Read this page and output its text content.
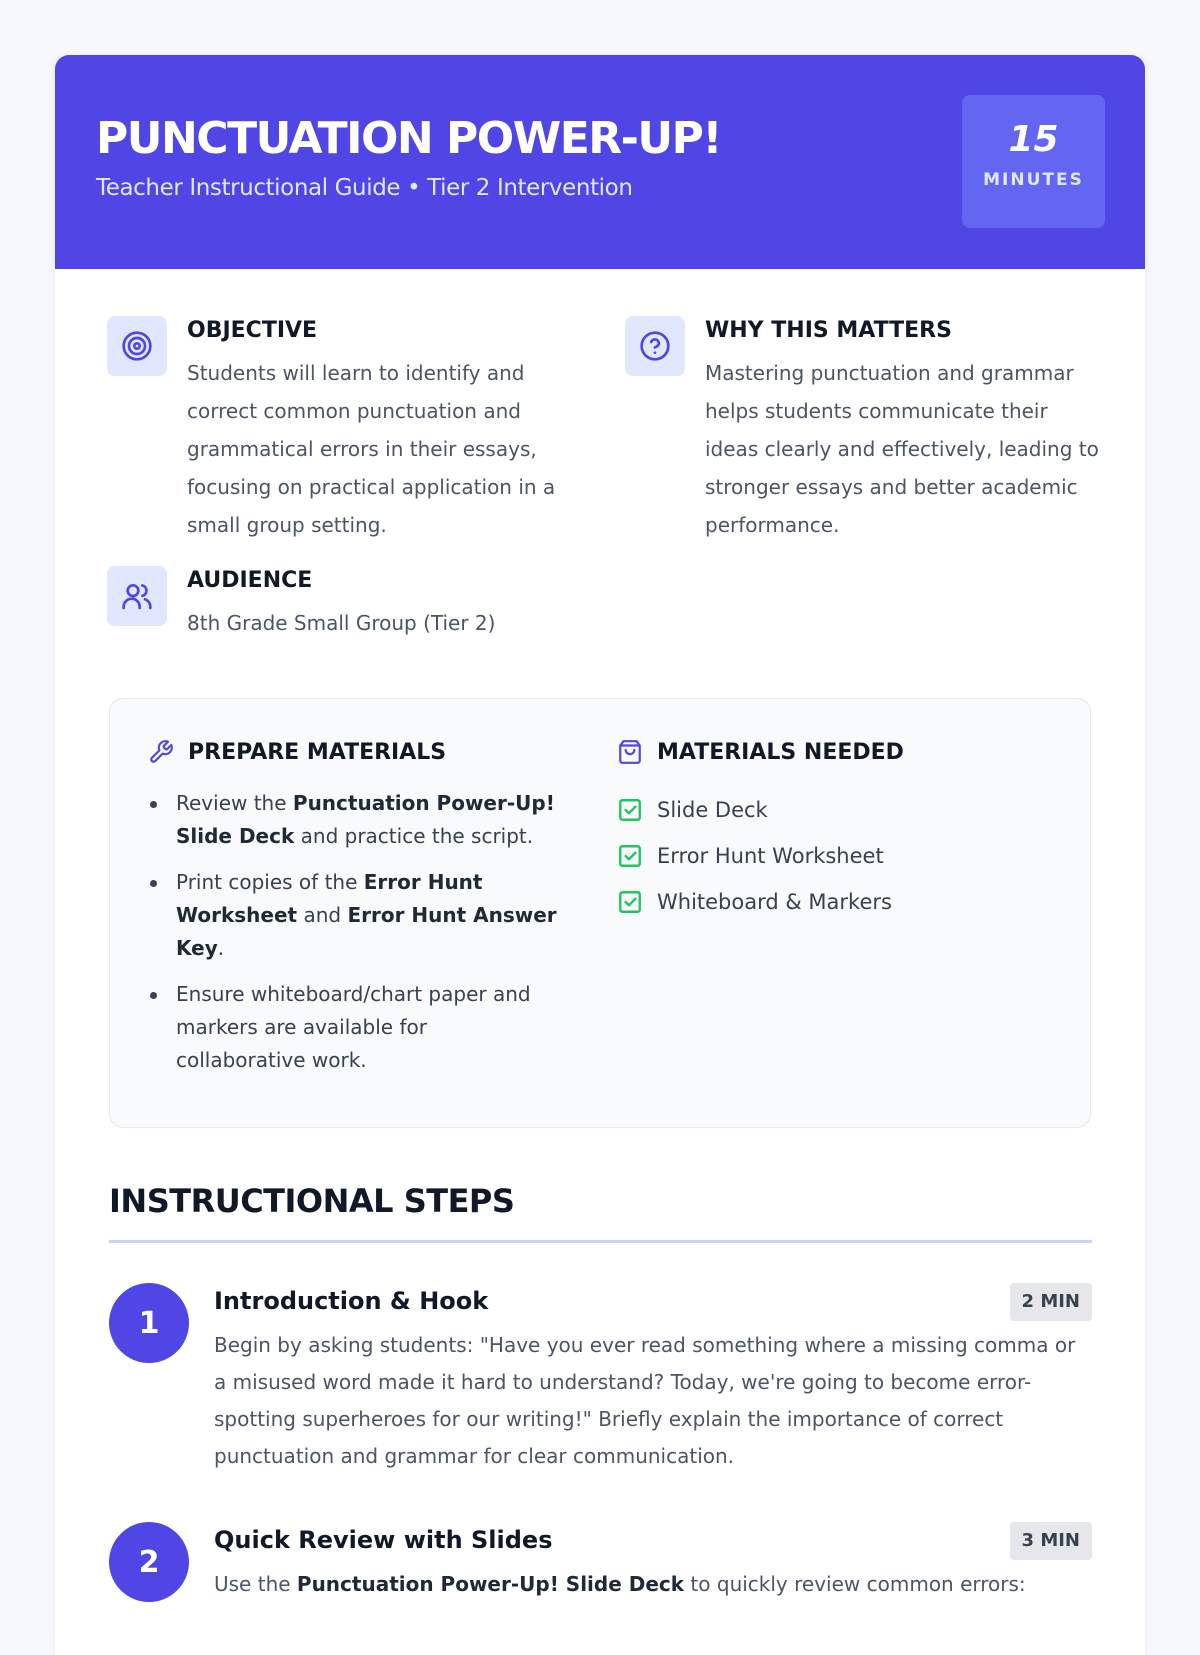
PUNCTUATION POWER-UP!
Teacher Instructional Guide • Tier 2 Intervention
15
MINUTES
OBJECTIVE
Students will learn to identify and correct common punctuation and grammatical errors in their essays, focusing on practical application in a small group setting.
WHY THIS MATTERS
Mastering punctuation and grammar helps students communicate their ideas clearly and effectively, leading to stronger essays and better academic performance.
AUDIENCE
8th Grade Small Group (Tier 2)
PREPARE MATERIALS
Review the Punctuation Power-Up! Slide Deck and practice the script.
Print copies of the Error Hunt Worksheet and Error Hunt Answer Key.
Ensure whiteboard/chart paper and markers are available for collaborative work.
MATERIALS NEEDED
Slide Deck
Error Hunt Worksheet
Whiteboard & Markers
INSTRUCTIONAL STEPS
1
Introduction & Hook	2 MIN
Begin by asking students: "Have you ever read something where a missing comma or a misused word made it hard to understand? Today, we're going to become error-spotting superheroes for our writing!" Briefly explain the importance of correct punctuation and grammar for clear communication.
2
Quick Review with Slides	3 MIN
Use the Punctuation Power-Up! Slide Deck to quickly review common errors:
